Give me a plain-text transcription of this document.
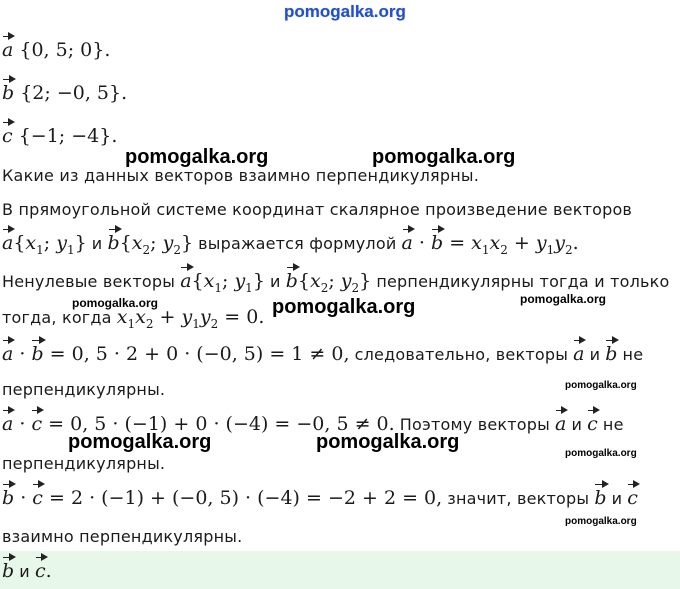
pomogalka.org
a {0, 5; 0}.
b {2; −0, 5}.
c {−1; −4}.
pomogalka.org	pomogalka.org
Какие из данных векторов взаимно перпендикулярны.
В прямоугольной системе координат скалярное произведение векторов
$a\{x_1$; $y_1$} и $b\{x_2$; $y_2$} выражается формулой $a \cdot b = x_1x_2 + y_1y_2$.
Ненулевые векторы $a\{x_1$; $y_1$} и $b\{x_2$; $y_2$} перпендикулярны тогда и только
pomogalka.org	pomogalka.org
pomogalka.org
тогда, когда $x_1x_2 + y_1y_2 = 0$.
a · b = 0, 5 · 2 + 0 · (−0, 5) = 1 ≠ 0, следовательно, векторы a и b не
перпендикулярны.	pomogalka.org
a · c = 0, 5 · (−1) + 0 · (−4) = −0, 5 ≠ 0. Поэтому векторы a и c не
pomogalka.org	pomogalka.org
перпендикулярны.
pomogalka.org
b · c = 2 · (−1) + (−0, 5) · (−4) = −2 + 2 = 0, значит, векторы b и c
pomogalka.org
взаимно перпендикулярны.
b и c.
